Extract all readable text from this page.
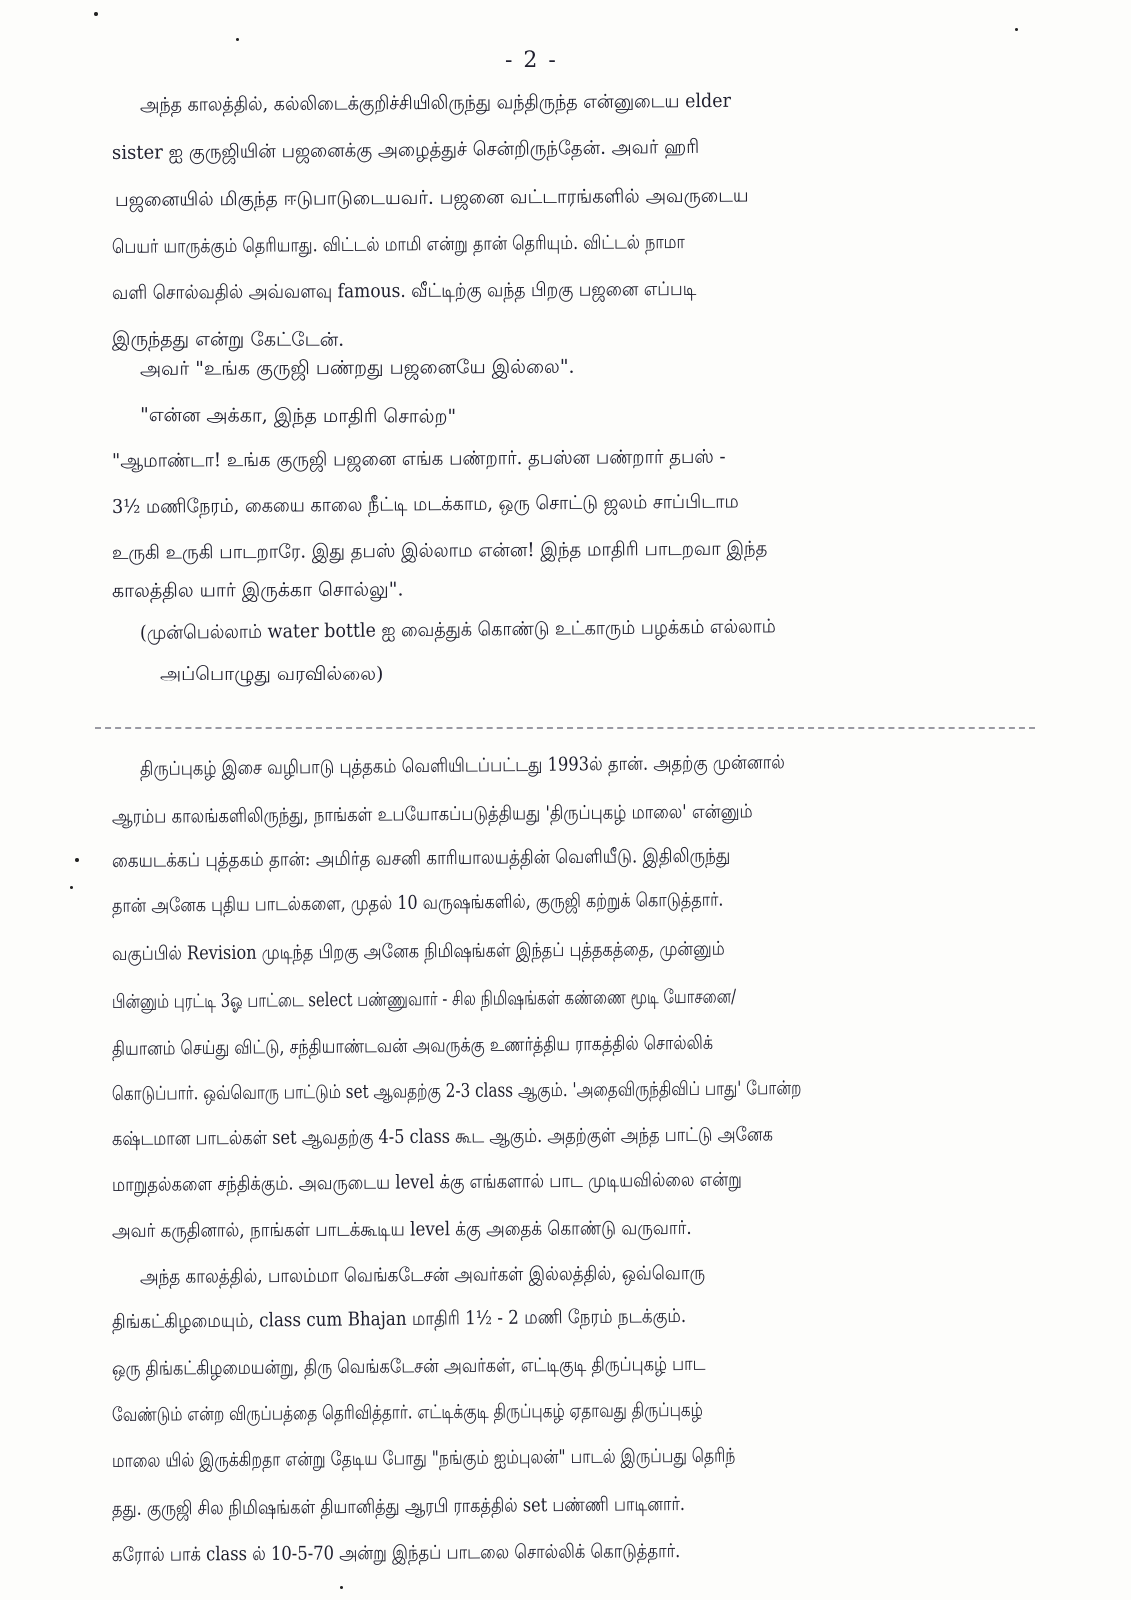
- 2 -
அந்த காலத்தில், கல்லிடைக்குறிச்சியிலிருந்து வந்திருந்த என்னுடைய elder
sister ஐ குருஜியின் பஜனைக்கு அழைத்துச் சென்றிருந்தேன். அவர் ஹரி
பஜனையில் மிகுந்த ஈடுபாடுடையவர். பஜனை வட்டாரங்களில் அவருடைய
பெயர் யாருக்கும் தெரியாது. விட்டல் மாமி என்று தான் தெரியும். விட்டல் நாமா
வளி சொல்வதில் அவ்வளவு famous. வீட்டிற்கு வந்த பிறகு பஜனை எப்படி
இருந்தது என்று கேட்டேன்.
அவர் "உங்க குருஜி பண்றது பஜனையே இல்லை".
"என்ன அக்கா, இந்த மாதிரி சொல்ற"
"ஆமாண்டா! உங்க குருஜி பஜனை எங்க பண்றார். தபஸ்ன பண்றார் தபஸ் -
3½ மணிநேரம், கையை காலை நீட்டி மடக்காம, ஒரு சொட்டு ஜலம் சாப்பிடாம
உருகி உருகி பாடறாரே. இது தபஸ் இல்லாம என்ன! இந்த மாதிரி பாடறவா இந்த
காலத்தில யார் இருக்கா சொல்லு".
(முன்பெல்லாம் water bottle ஐ வைத்துக் கொண்டு உட்காரும் பழக்கம் எல்லாம்
அப்பொழுது வரவில்லை)
திருப்புகழ் இசை வழிபாடு புத்தகம் வெளியிடப்பட்டது 1993ல் தான். அதற்கு முன்னால்
ஆரம்ப காலங்களிலிருந்து, நாங்கள் உபயோகப்படுத்தியது 'திருப்புகழ் மாலை' என்னும்
கையடக்கப் புத்தகம் தான்: அமிர்த வசனி காரியாலயத்தின் வெளியீடு. இதிலிருந்து
தான் அனேக புதிய பாடல்களை, முதல் 10 வருஷங்களில், குருஜி கற்றுக் கொடுத்தார்.
வகுப்பில் Revision முடிந்த பிறகு அனேக நிமிஷங்கள் இந்தப் புத்தகத்தை, முன்னும்
பின்னும் புரட்டி 3ஓ பாட்டை select பண்ணுவார் - சில நிமிஷங்கள் கண்ணை மூடி யோசனை/
தியானம் செய்து விட்டு, சந்தியாண்டவன் அவருக்கு உணர்த்திய ராகத்தில் சொல்லிக்
கொடுப்பார். ஒவ்வொரு பாட்டும் set ஆவதற்கு 2-3 class ஆகும். 'அதைவிருந்திவிப் பாது' போன்ற
கஷ்டமான பாடல்கள் set ஆவதற்கு 4-5 class கூட ஆகும். அதற்குள் அந்த பாட்டு அனேக
மாறுதல்களை சந்திக்கும். அவருடைய level க்கு எங்களால் பாட முடியவில்லை என்று
அவர் கருதினால், நாங்கள் பாடக்கூடிய level க்கு அதைக் கொண்டு வருவார்.
அந்த காலத்தில், பாலம்மா வெங்கடேசன் அவர்கள் இல்லத்தில், ஒவ்வொரு
திங்கட்கிழமையும், class cum Bhajan மாதிரி 1½ - 2 மணி நேரம் நடக்கும்.
ஒரு திங்கட்கிழமையன்று, திரு வெங்கடேசன் அவர்கள், எட்டிகுடி திருப்புகழ் பாட
வேண்டும் என்ற விருப்பத்தை தெரிவித்தார். எட்டிக்குடி திருப்புகழ் ஏதாவது திருப்புகழ்
மாலை யில் இருக்கிறதா என்று தேடிய போது "நங்கும் ஐம்புலன்" பாடல் இருப்பது தெரிந்
தது. குருஜி சில நிமிஷங்கள் தியானித்து ஆரபி ராகத்தில் set பண்ணி பாடினார்.
கரோல் பாக் class ல் 10-5-70 அன்று இந்தப் பாடலை சொல்லிக் கொடுத்தார்.
